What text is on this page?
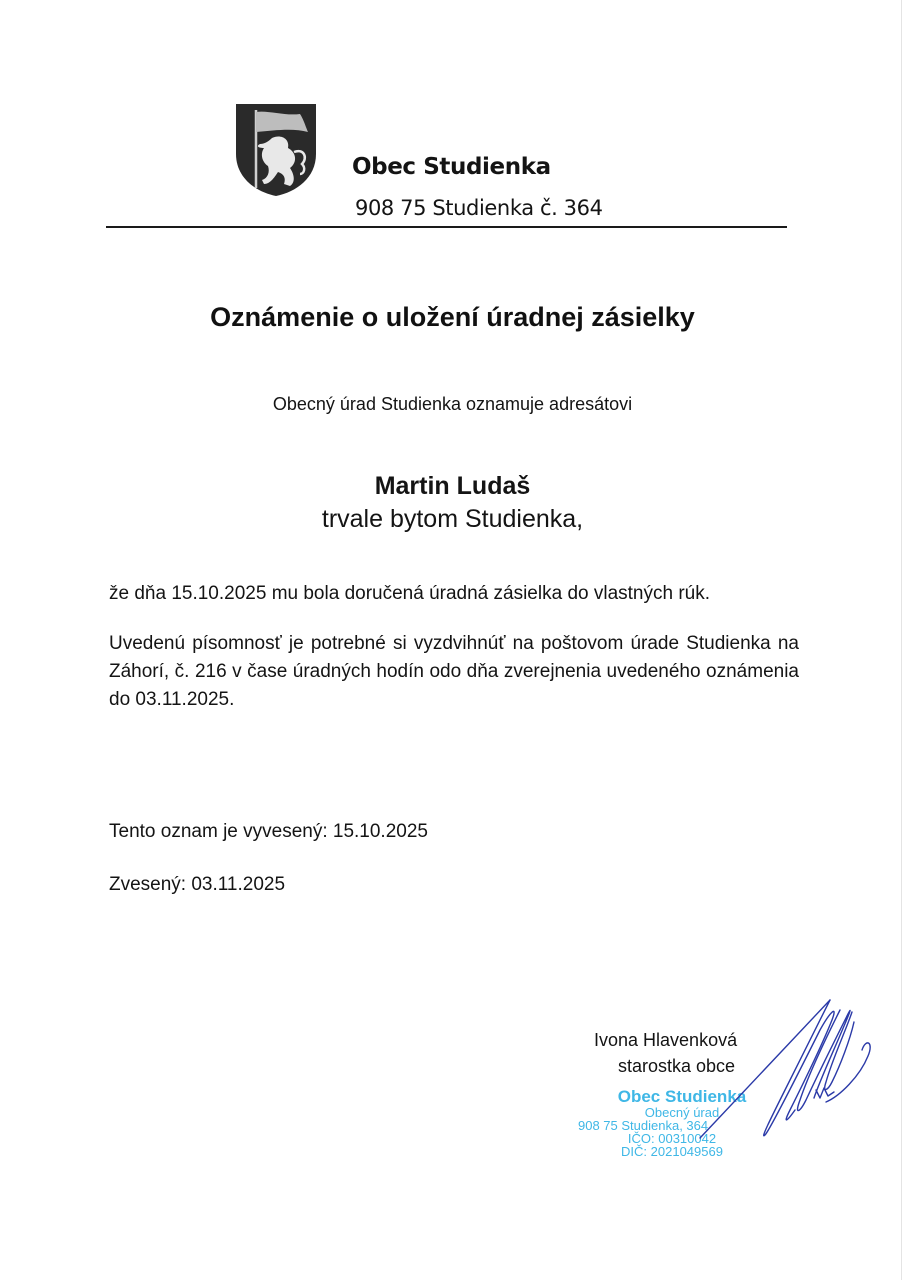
Obec Studienka
908 75 Studienka č. 364
Oznámenie o uložení úradnej zásielky
Obecný úrad Studienka oznamuje adresátovi
Martin Ludaš
trvale bytom Studienka,
že dňa 15.10.2025 mu bola doručená úradná zásielka do vlastných rúk.
Uvedenú písomnosť je potrebné si vyzdvihnúť na poštovom úrade Studienka na Záhorí, č. 216 v čase úradných hodín odo dňa zverejnenia uvedeného oznámenia do 03.11.2025.
Tento oznam je vyvesený: 15.10.2025
Zvesený: 03.11.2025
Ivona Hlavenková
starostka obce
Obec Studienka
Obecný úrad
908 75 Studienka, 364
IČO: 00310042
DIČ: 2021049569
